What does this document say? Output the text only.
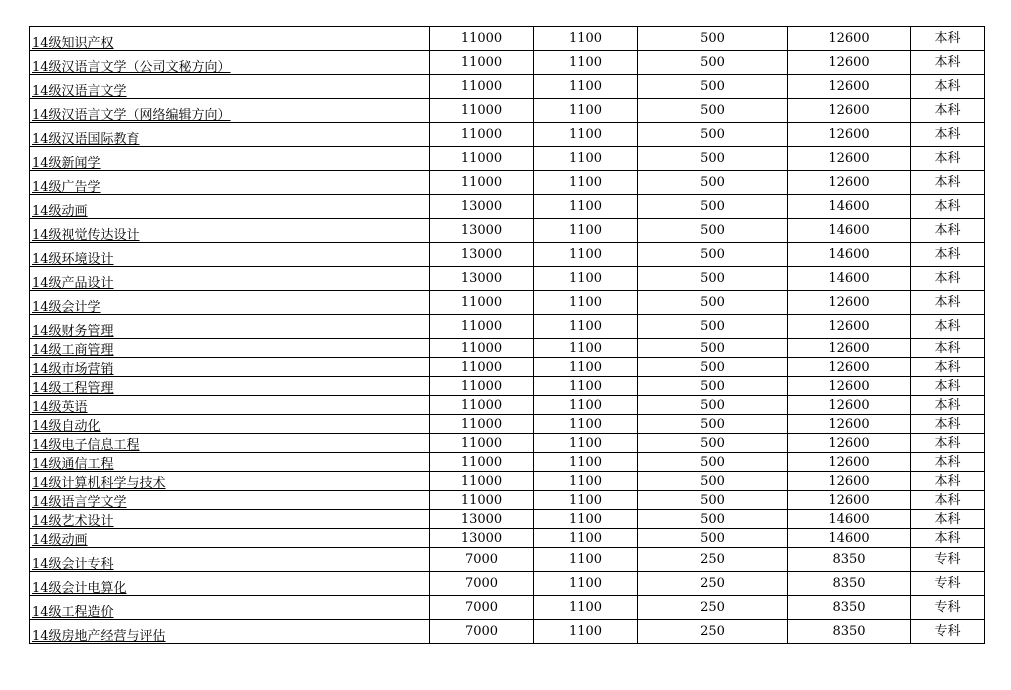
14级知识产权	11000	1100	500	12600	本科
14级汉语言文学（公司文秘方向）	11000	1100	500	12600	本科
14级汉语言文学	11000	1100	500	12600	本科
14级汉语言文学（网络编辑方向）	11000	1100	500	12600	本科
14级汉语国际教育	11000	1100	500	12600	本科
14级新闻学	11000	1100	500	12600	本科
14级广告学	11000	1100	500	12600	本科
14级动画	13000	1100	500	14600	本科
14级视觉传达设计	13000	1100	500	14600	本科
14级环境设计	13000	1100	500	14600	本科
14级产品设计	13000	1100	500	14600	本科
14级会计学	11000	1100	500	12600	本科
14级财务管理	11000	1100	500	12600	本科
14级工商管理	11000	1100	500	12600	本科
14级市场营销	11000	1100	500	12600	本科
14级工程管理	11000	1100	500	12600	本科
14级英语	11000	1100	500	12600	本科
14级自动化	11000	1100	500	12600	本科
14级电子信息工程	11000	1100	500	12600	本科
14级通信工程	11000	1100	500	12600	本科
14级计算机科学与技术	11000	1100	500	12600	本科
14级语言学文学	11000	1100	500	12600	本科
14级艺术设计	13000	1100	500	14600	本科
14级动画	13000	1100	500	14600	本科
14级会计专科	7000	1100	250	8350	专科
14级会计电算化	7000	1100	250	8350	专科
14级工程造价	7000	1100	250	8350	专科
14级房地产经营与评估	7000	1100	250	8350	专科
